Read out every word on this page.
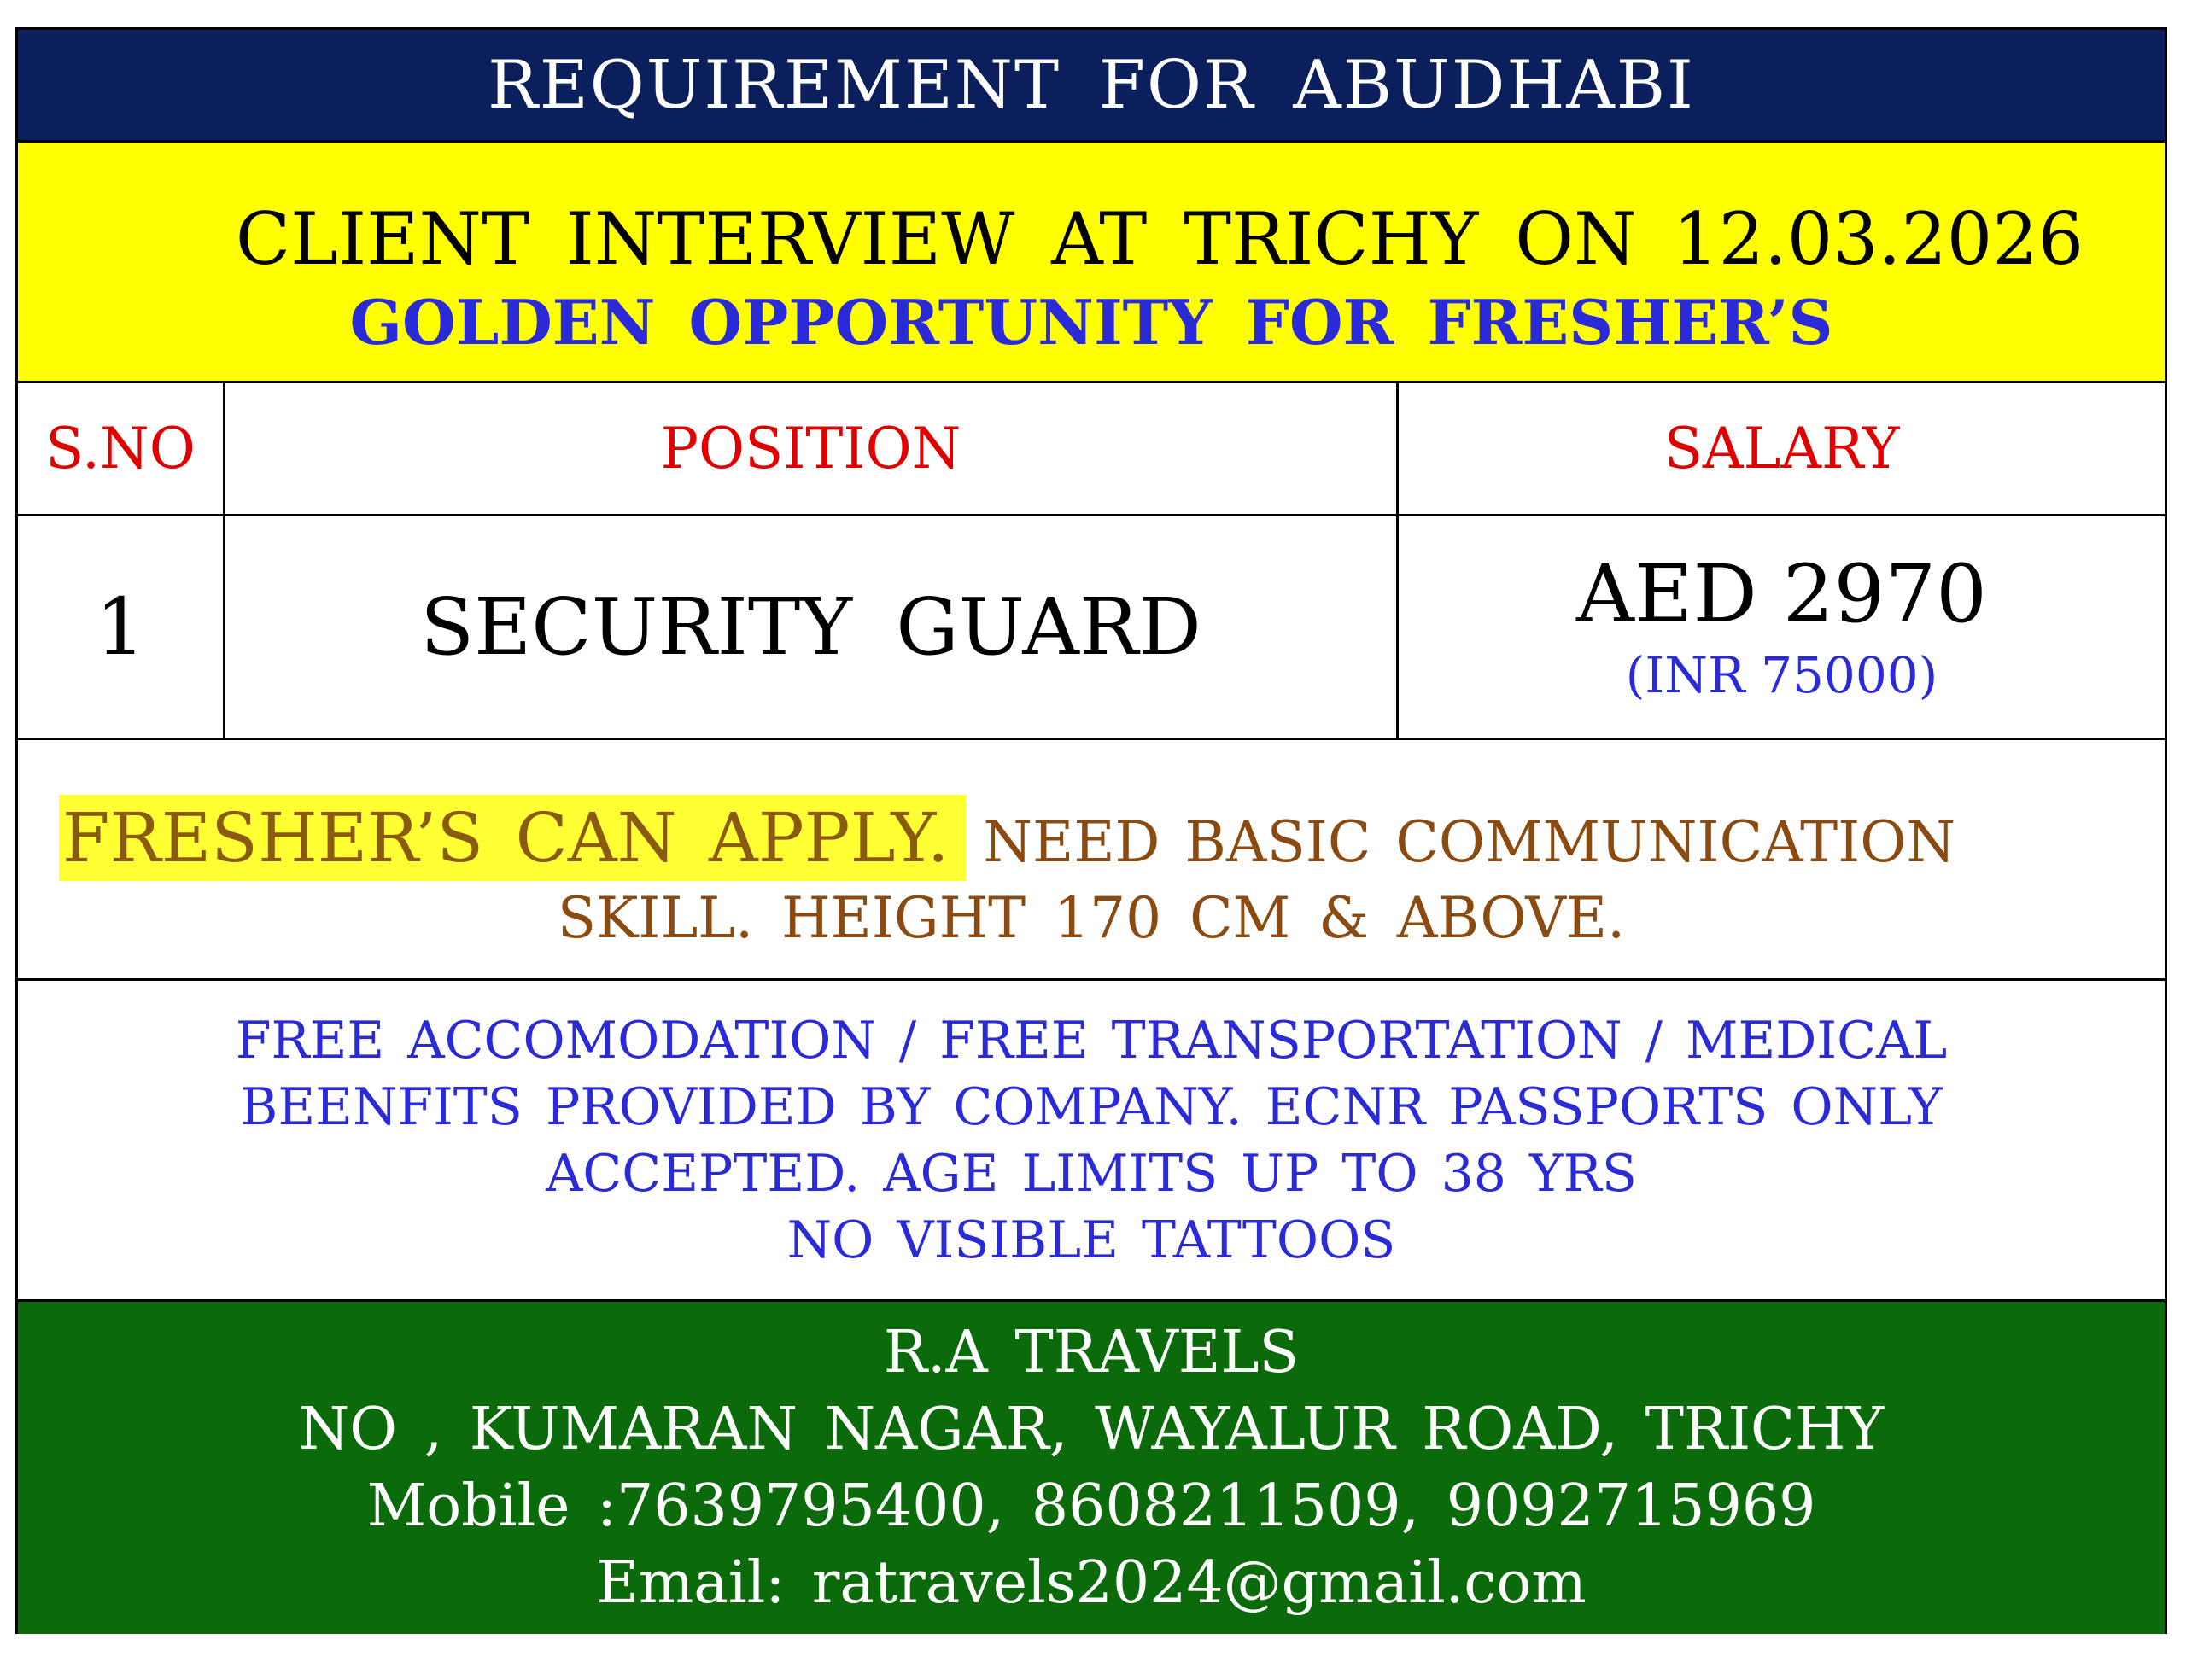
REQUIREMENT FOR ABUDHABI
CLIENT INTERVIEW AT TRICHY ON 12.03.2026
GOLDEN OPPORTUNITY FOR FRESHER’S
S.NO	POSITION	SALARY
1	SECURITY GUARD	AED 2970
(INR 75000)
FRESHER’S CAN APPLY. NEED BASIC COMMUNICATION
SKILL. HEIGHT 170 CM & ABOVE.
FREE ACCOMODATION / FREE TRANSPORTATION / MEDICAL
BEENFITS PROVIDED BY COMPANY. ECNR PASSPORTS ONLY
ACCEPTED. AGE LIMITS UP TO 38 YRS
NO VISIBLE TATTOOS
R.A TRAVELS
NO , KUMARAN NAGAR, WAYALUR ROAD, TRICHY
Mobile :7639795400, 8608211509, 9092715969
Email: ratravels2024@gmail.com
